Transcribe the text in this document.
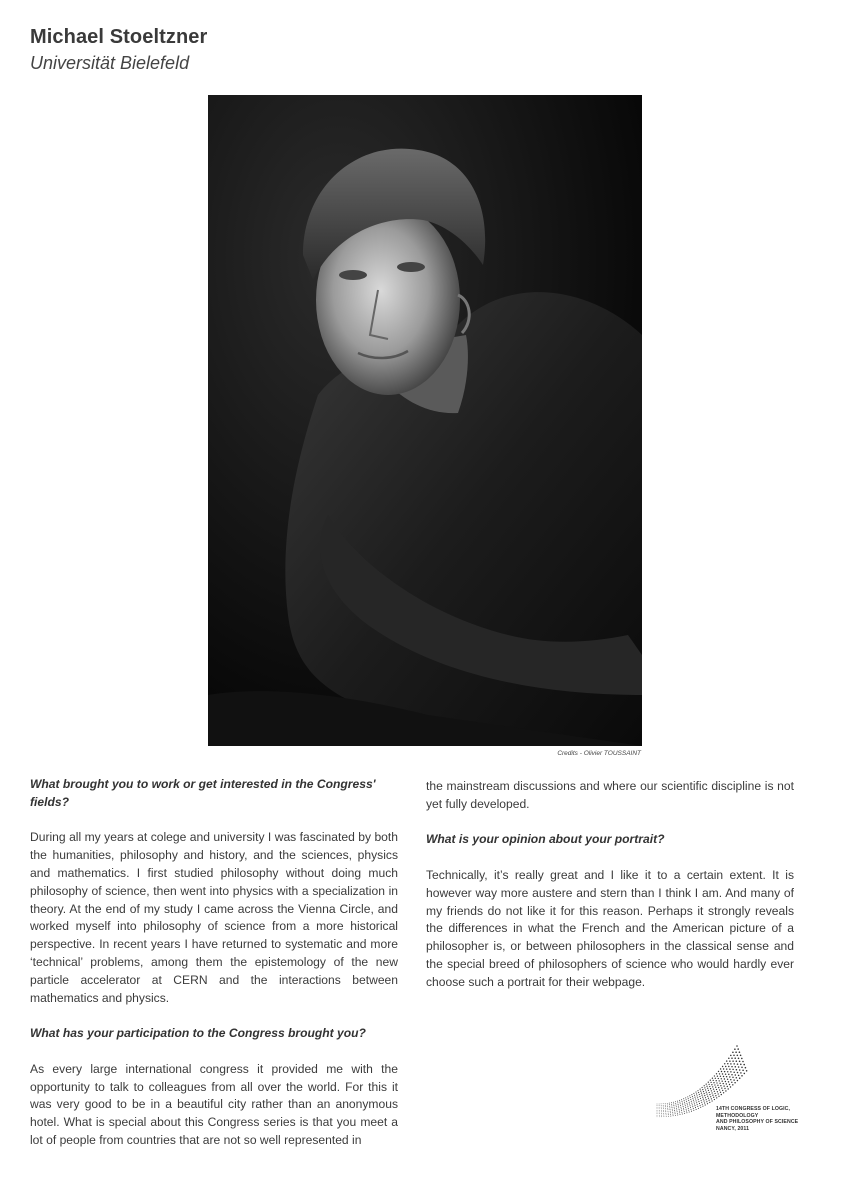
Michael Stoeltzner
Universität Bielefeld
Credits - Olivier TOUSSAINT

What brought you to work or get interested in the Congress' fields?

During all my years at colege and university I was fascinated by both the humanities, philosophy and history, and the sciences, physics and mathematics. I first studied philosophy without doing much philosophy of science, then went into physics with a specialization in theory. At the end of my study I came across the Vienna Circle, and worked myself into philosophy of science from a more historical perspective. In recent years I have returned to systematic and more ‘technical’ problems, among them the epistemology of the new particle accelerator at CERN and the interactions between mathematics and physics.

What has your participation to the Congress brought you?

As every large international congress it provided me with the opportunity to talk to colleagues from all over the world. For this it was very good to be in a beautiful city rather than an anonymous hotel. What is special about this Congress series is that you meet a lot of people from countries that are not so well represented in

the mainstream discussions and where our scientific discipline is not yet fully developed.

What is your opinion about your portrait?

Technically, it’s really great and I like it to a certain extent. It is however way more austere and stern than I think I am. And many of my friends do not like it for this reason. Perhaps it strongly reveals the differences in what the French and the American picture of a philosopher is, or between philosophers in the classical sense and the special breed of philosophers of science who would hardly ever choose such a portrait for their webpage.

14TH CONGRESS OF LOGIC,
METHODOLOGY
AND PHILOSOPHY OF SCIENCE
NANCY, 2011
